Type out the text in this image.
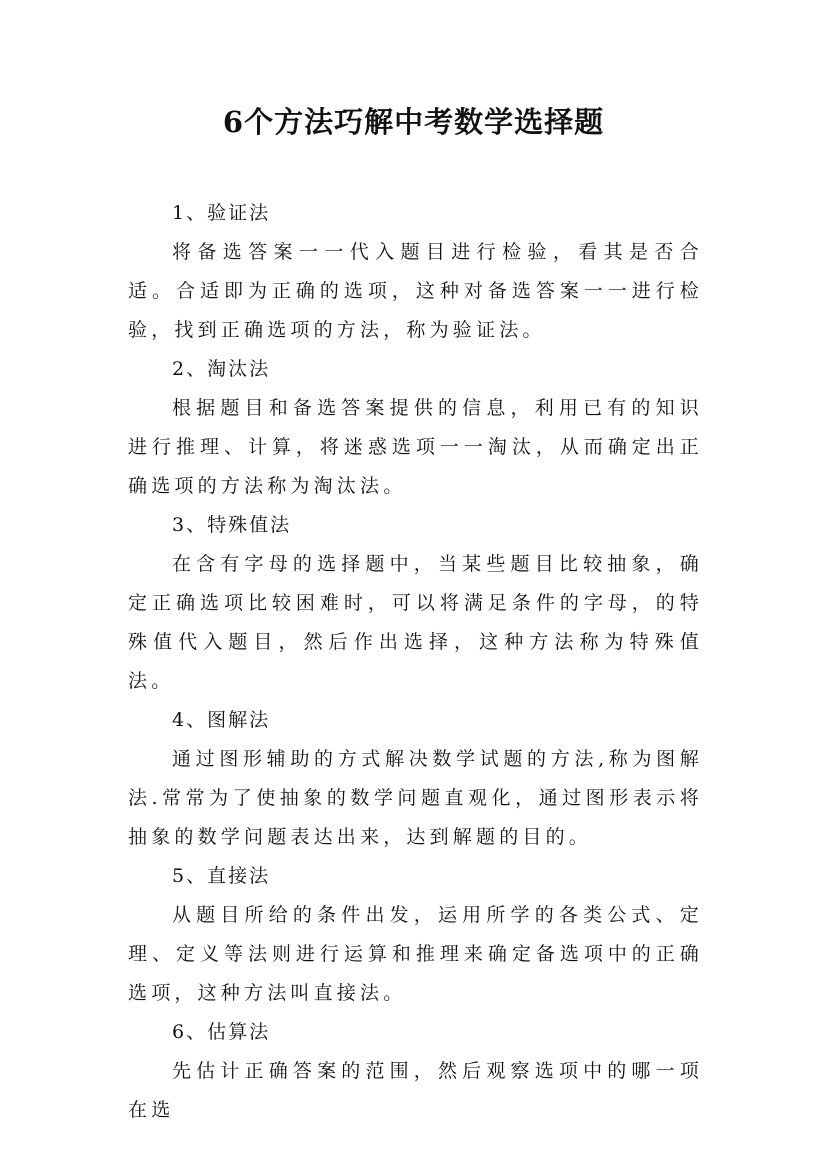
6个方法巧解中考数学选择题

1、验证法

将备选答案一一代入题目进行检验，看其是否合适。合适即为正确的选项，这种对备选答案一一进行检验，找到正确选项的方法，称为验证法。

2、淘汰法

根据题目和备选答案提供的信息，利用已有的知识进行推理、计算，将迷惑选项一一淘汰，从而确定出正确选项的方法称为淘汰法。

3、特殊值法

在含有字母的选择题中，当某些题目比较抽象，确定正确选项比较困难时，可以将满足条件的字母，的特殊值代入题目，然后作出选择，这种方法称为特殊值法。

4、图解法

通过图形辅助的方式解决数学试题的方法,称为图解法.常常为了使抽象的数学问题直观化，通过图形表示将抽象的数学问题表达出来，达到解题的目的。

5、直接法

从题目所给的条件出发，运用所学的各类公式、定理、定义等法则进行运算和推理来确定备选项中的正确选项，这种方法叫直接法。

6、估算法

先估计正确答案的范围，然后观察选项中的哪一项在选
